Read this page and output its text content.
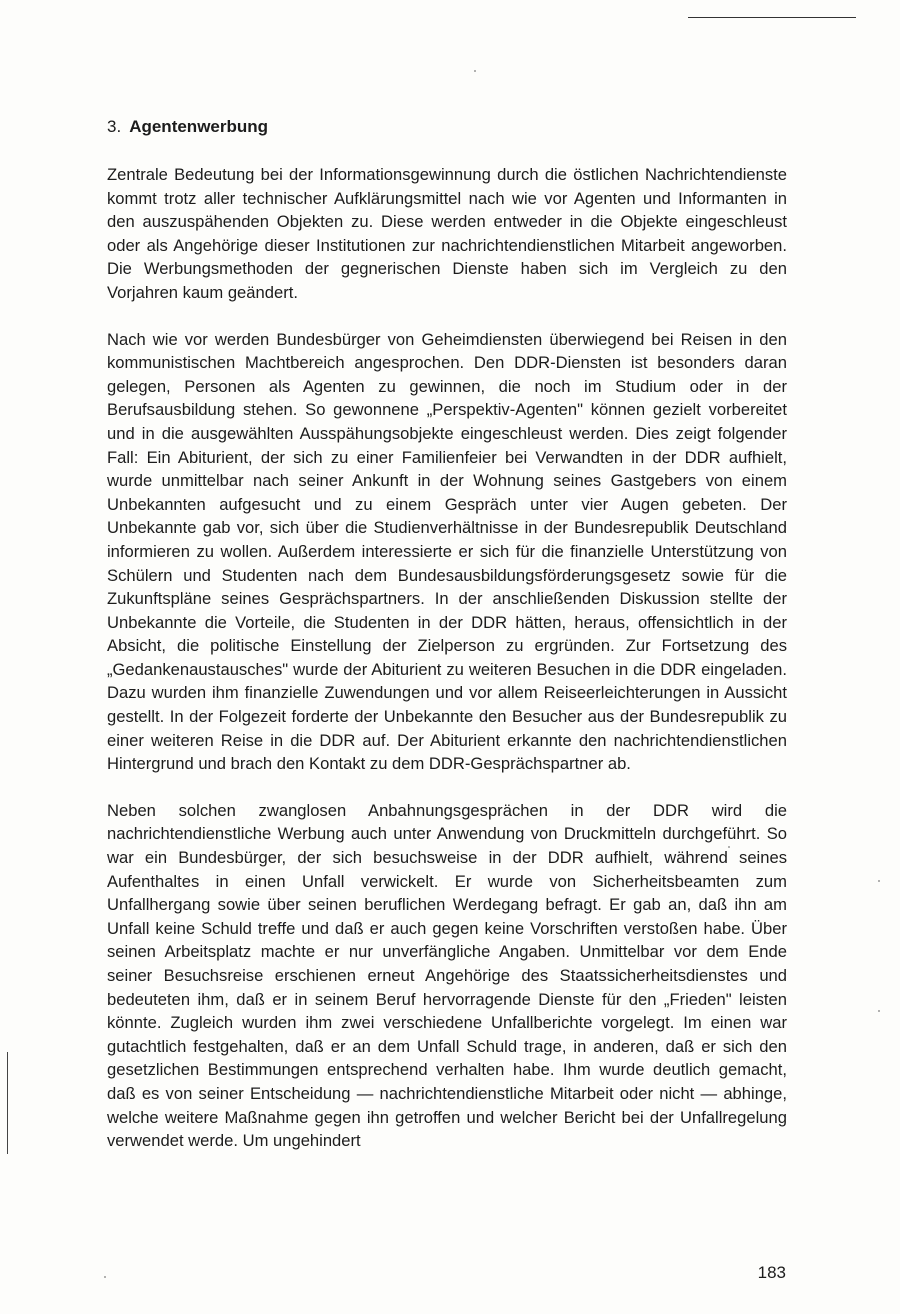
3. Agentenwerbung

Zentrale Bedeutung bei der Informationsgewinnung durch die östlichen Nachrichtendienste kommt trotz aller technischer Aufklärungsmittel nach wie vor Agenten und Informanten in den auszuspähenden Objekten zu. Diese werden entweder in die Objekte eingeschleust oder als Angehörige dieser Institutionen zur nachrichtendienstlichen Mitarbeit angeworben. Die Werbungsmethoden der gegnerischen Dienste haben sich im Vergleich zu den Vorjahren kaum geändert.

Nach wie vor werden Bundesbürger von Geheimdiensten überwiegend bei Reisen in den kommunistischen Machtbereich angesprochen. Den DDR-Diensten ist besonders daran gelegen, Personen als Agenten zu gewinnen, die noch im Studium oder in der Berufsausbildung stehen. So gewonnene „Perspektiv-Agenten" können gezielt vorbereitet und in die ausgewählten Ausspähungsobjekte eingeschleust werden. Dies zeigt folgender Fall: Ein Abiturient, der sich zu einer Familienfeier bei Verwandten in der DDR aufhielt, wurde unmittelbar nach seiner Ankunft in der Wohnung seines Gastgebers von einem Unbekannten aufgesucht und zu einem Gespräch unter vier Augen gebeten. Der Unbekannte gab vor, sich über die Studienverhältnisse in der Bundesrepublik Deutschland informieren zu wollen. Außerdem interessierte er sich für die finanzielle Unterstützung von Schülern und Studenten nach dem Bundesausbildungsförderungsgesetz sowie für die Zukunftspläne seines Gesprächspartners. In der anschließenden Diskussion stellte der Unbekannte die Vorteile, die Studenten in der DDR hätten, heraus, offensichtlich in der Absicht, die politische Einstellung der Zielperson zu ergründen. Zur Fortsetzung des „Gedankenaustausches" wurde der Abiturient zu weiteren Besuchen in die DDR eingeladen. Dazu wurden ihm finanzielle Zuwendungen und vor allem Reiseerleichterungen in Aussicht gestellt. In der Folgezeit forderte der Unbekannte den Besucher aus der Bundesrepublik zu einer weiteren Reise in die DDR auf. Der Abiturient erkannte den nachrichtendienstlichen Hintergrund und brach den Kontakt zu dem DDR-Gesprächspartner ab.

Neben solchen zwanglosen Anbahnungsgesprächen in der DDR wird die nachrichtendienstliche Werbung auch unter Anwendung von Druckmitteln durchgeführt. So war ein Bundesbürger, der sich besuchsweise in der DDR aufhielt, während seines Aufenthaltes in einen Unfall verwickelt. Er wurde von Sicherheitsbeamten zum Unfallhergang sowie über seinen beruflichen Werdegang befragt. Er gab an, daß ihn am Unfall keine Schuld treffe und daß er auch gegen keine Vorschriften verstoßen habe. Über seinen Arbeitsplatz machte er nur unverfängliche Angaben. Unmittelbar vor dem Ende seiner Besuchsreise erschienen erneut Angehörige des Staatssicherheitsdienstes und bedeuteten ihm, daß er in seinem Beruf hervorragende Dienste für den „Frieden" leisten könnte. Zugleich wurden ihm zwei verschiedene Unfallberichte vorgelegt. Im einen war gutachtlich festgehalten, daß er an dem Unfall Schuld trage, in anderen, daß er sich den gesetzlichen Bestimmungen entsprechend verhalten habe. Ihm wurde deutlich gemacht, daß es von seiner Entscheidung — nachrichtendienstliche Mitarbeit oder nicht — abhinge, welche weitere Maßnahme gegen ihn getroffen und welcher Bericht bei der Unfallregelung verwendet werde. Um ungehindert

183
